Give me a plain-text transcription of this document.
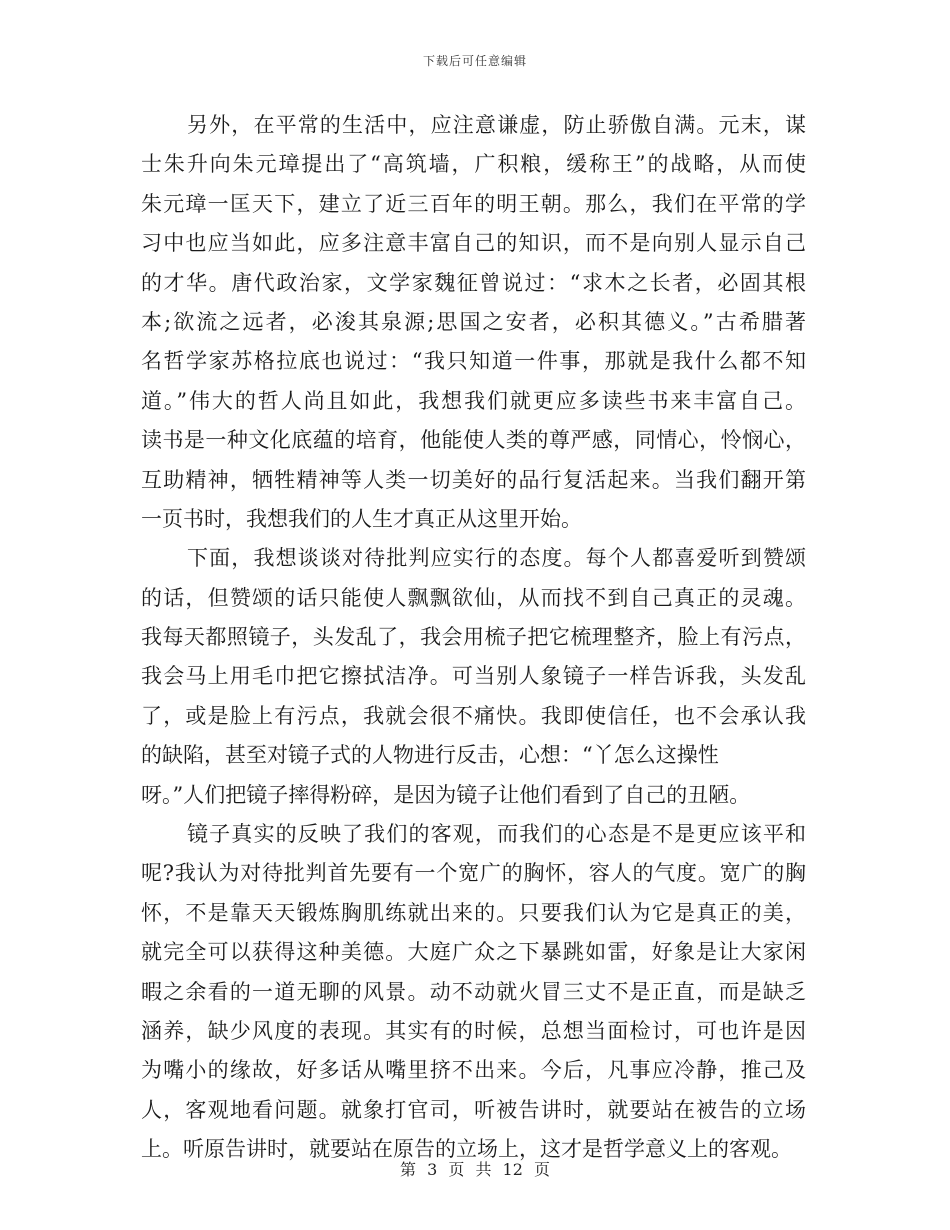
下载后可任意编辑
另外，在平常的生活中，应注意谦虚，防止骄傲自满。元末，谋
士朱升向朱元璋提出了“高筑墙，广积粮，缓称王”的战略，从而使
朱元璋一匡天下，建立了近三百年的明王朝。那么，我们在平常的学
习中也应当如此，应多注意丰富自己的知识，而不是向别人显示自己
的才华。唐代政治家，文学家魏征曾说过：“求木之长者，必固其根
本;欲流之远者，必浚其泉源;思国之安者，必积其德义。”古希腊著
名哲学家苏格拉底也说过：“我只知道一件事，那就是我什么都不知
道。”伟大的哲人尚且如此，我想我们就更应多读些书来丰富自己。
读书是一种文化底蕴的培育，他能使人类的尊严感，同情心，怜悯心，
互助精神，牺牲精神等人类一切美好的品行复活起来。当我们翻开第
一页书时，我想我们的人生才真正从这里开始。
下面，我想谈谈对待批判应实行的态度。每个人都喜爱听到赞颂
的话，但赞颂的话只能使人飘飘欲仙，从而找不到自己真正的灵魂。
我每天都照镜子，头发乱了，我会用梳子把它梳理整齐，脸上有污点，
我会马上用毛巾把它擦拭洁净。可当别人象镜子一样告诉我，头发乱
了，或是脸上有污点，我就会很不痛快。我即使信任，也不会承认我
的缺陷，甚至对镜子式的人物进行反击，心想：“丫怎么这操性
呀。”人们把镜子摔得粉碎，是因为镜子让他们看到了自己的丑陋。
镜子真实的反映了我们的客观，而我们的心态是不是更应该平和
呢?我认为对待批判首先要有一个宽广的胸怀，容人的气度。宽广的胸
怀，不是靠天天锻炼胸肌练就出来的。只要我们认为它是真正的美，
就完全可以获得这种美德。大庭广众之下暴跳如雷，好象是让大家闲
暇之余看的一道无聊的风景。动不动就火冒三丈不是正直，而是缺乏
涵养，缺少风度的表现。其实有的时候，总想当面检讨，可也许是因
为嘴小的缘故，好多话从嘴里挤不出来。今后，凡事应冷静，推己及
人，客观地看问题。就象打官司，听被告讲时，就要站在被告的立场
上。听原告讲时，就要站在原告的立场上，这才是哲学意义上的客观。
第 3 页 共 12 页
